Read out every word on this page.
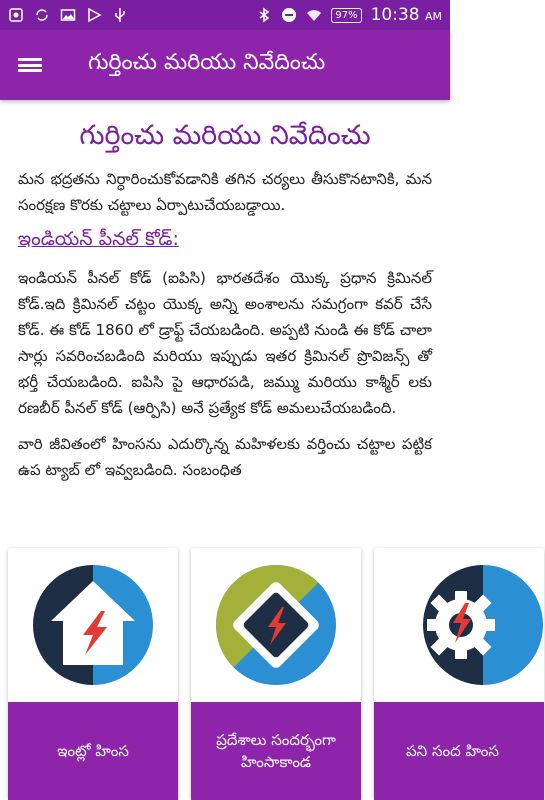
97% 10:38 AM
గుర్తించు మరియు నివేదించు
గుర్తించు మరియు నివేదించు

మన భద్రతను నిర్ధారించుకోవడానికి తగిన చర్యలు తీసుకొనటానికి, మన సంరక్షణ కొరకు చట్టాలు ఏర్పాటుచేయబడ్డాయి.

ఇండియన్ పీనల్ కోడ్:

ఇండియన్ పీనల్ కోడ్ (ఐపిసి) భారతదేశం యొక్క ప్రధాన క్రిమినల్ కోడ్.ఇది క్రిమినల్ చట్టం యొక్క అన్ని అంశాలను సమగ్రంగా కవర్ చేసే కోడ్. ఈ కోడ్ 1860 లో డ్రాఫ్ట్ చేయబడింది. అప్పటి నుండి ఈ కోడ్ చాలా సార్లు సవరించబడింది మరియు ఇప్పుడు ఇతర క్రిమినల్ ప్రొవిజన్స్ తో భర్తీ చేయబడింది. ఐపిసి పై ఆధారపడి, జమ్ము మరియు కాశ్మీర్ లకు రణబీర్ పీనల్ కోడ్ (ఆర్పిసి) అనే ప్రత్యేక కోడ్ అమలుచేయబడింది.

వారి జీవితంలో హింసను ఎదుర్కొన్న మహిళలకు వర్తించు చట్టాల పట్టిక ఉప ట్యాబ్ లో ఇవ్వబడింది. సంబంధిత

ఇంట్లో హింస
ప్రదేశాలు సందర్భంగా హింసాకాండ
పని సంద హింస
